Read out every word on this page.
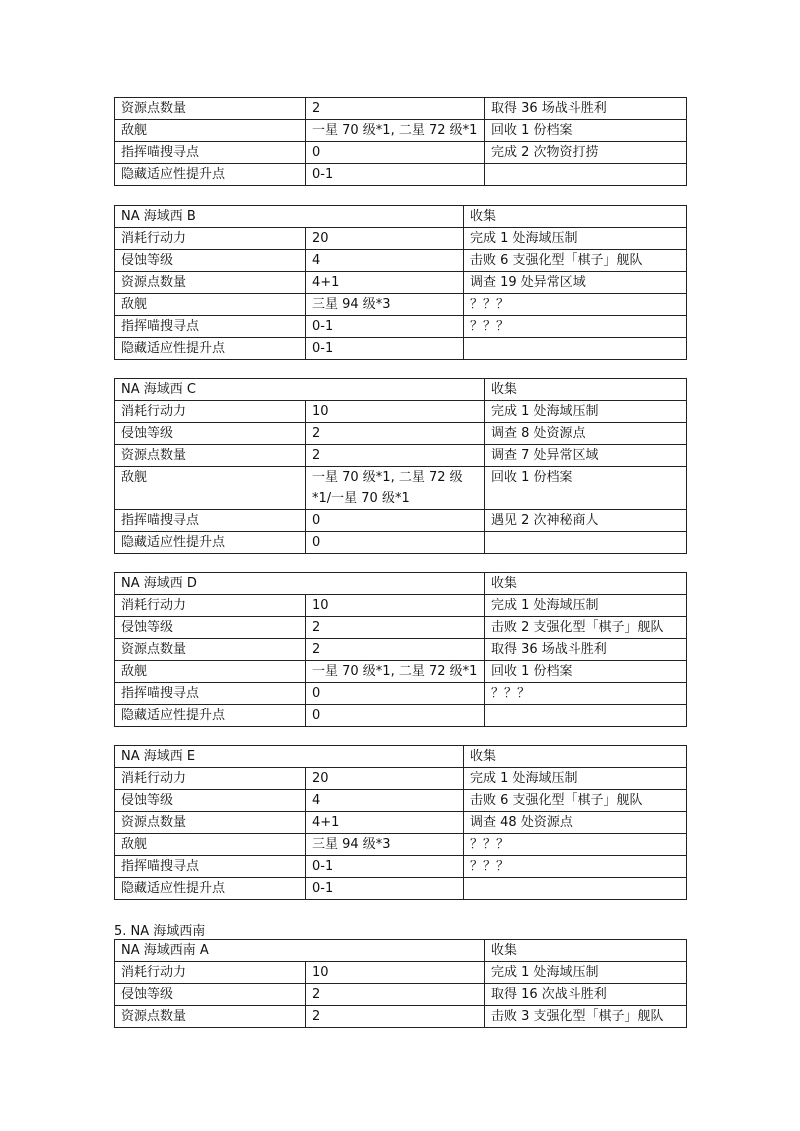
资源点数量	2	取得 36 场战斗胜利
敌舰	一星 70 级*1, 二星 72 级*1	回收 1 份档案
指挥喵搜寻点	0	完成 2 次物资打捞
隐藏适应性提升点	0-1	
NA 海域西 B		收集
消耗行动力	20	完成 1 处海域压制
侵蚀等级	4	击败 6 支强化型「棋子」舰队
资源点数量	4+1	调查 19 处异常区域
敌舰	三星 94 级*3	？？？
指挥喵搜寻点	0-1	？？？
隐藏适应性提升点	0-1	
NA 海域西 C		收集
消耗行动力	10	完成 1 处海域压制
侵蚀等级	2	调查 8 处资源点
资源点数量	2	调查 7 处异常区域
敌舰	一星 70 级*1, 二星 72 级*1/一星 70 级*1	回收 1 份档案
指挥喵搜寻点	0	遇见 2 次神秘商人
隐藏适应性提升点	0	
NA 海域西 D		收集
消耗行动力	10	完成 1 处海域压制
侵蚀等级	2	击败 2 支强化型「棋子」舰队
资源点数量	2	取得 36 场战斗胜利
敌舰	一星 70 级*1, 二星 72 级*1	回收 1 份档案
指挥喵搜寻点	0	？？？
隐藏适应性提升点	0	
NA 海域西 E		收集
消耗行动力	20	完成 1 处海域压制
侵蚀等级	4	击败 6 支强化型「棋子」舰队
资源点数量	4+1	调查 48 处资源点
敌舰	三星 94 级*3	？？？
指挥喵搜寻点	0-1	？？？
隐藏适应性提升点	0-1	
5. NA 海域西南
NA 海域西南 A		收集
消耗行动力	10	完成 1 处海域压制
侵蚀等级	2	取得 16 次战斗胜利
资源点数量	2	击败 3 支强化型「棋子」舰队
